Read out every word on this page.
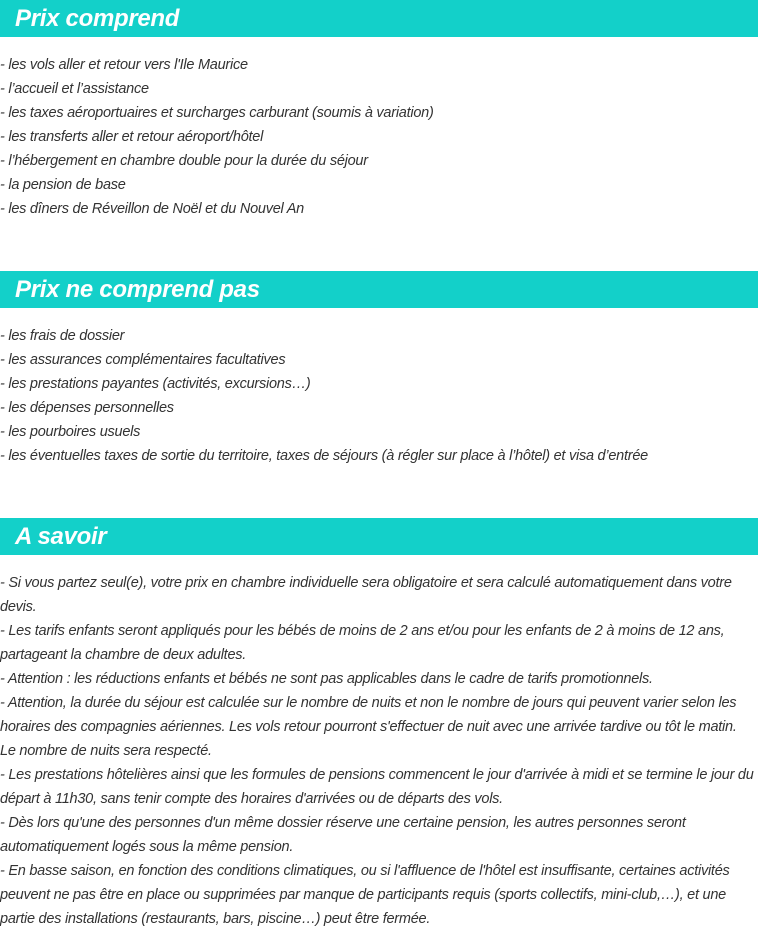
Prix comprend
- les vols aller et retour vers l'Ile Maurice
- l’accueil et l’assistance
- les taxes aéroportuaires et surcharges carburant (soumis à variation)
- les transferts aller et retour aéroport/hôtel
- l’hébergement en chambre double pour la durée du séjour
- la pension de base
- les dîners de Réveillon de Noël et du Nouvel An
Prix ne comprend pas
- les frais de dossier
- les assurances complémentaires facultatives
- les prestations payantes (activités, excursions…)
- les dépenses personnelles
- les pourboires usuels
- les éventuelles taxes de sortie du territoire, taxes de séjours (à régler sur place à l’hôtel) et visa d’entrée
A savoir
- Si vous partez seul(e), votre prix en chambre individuelle sera obligatoire et sera calculé automatiquement dans votre devis.
- Les tarifs enfants seront appliqués pour les bébés de moins de 2 ans et/ou pour les enfants de 2 à moins de 12 ans, partageant la chambre de deux adultes.
- Attention : les réductions enfants et bébés ne sont pas applicables dans le cadre de tarifs promotionnels.
- Attention, la durée du séjour est calculée sur le nombre de nuits et non le nombre de jours qui peuvent varier selon les horaires des compagnies aériennes. Les vols retour pourront s'effectuer de nuit avec une arrivée tardive ou tôt le matin. Le nombre de nuits sera respecté.
- Les prestations hôtelières ainsi que les formules de pensions commencent le jour d'arrivée à midi et se termine le jour du départ à 11h30, sans tenir compte des horaires d'arrivées ou de départs des vols.
- Dès lors qu'une des personnes d'un même dossier réserve une certaine pension, les autres personnes seront automatiquement logés sous la même pension.
- En basse saison, en fonction des conditions climatiques, ou si l'affluence de l'hôtel est insuffisante, certaines activités peuvent ne pas être en place ou supprimées par manque de participants requis (sports collectifs, mini-club,…), et une partie des installations (restaurants, bars, piscine…) peut être fermée.
